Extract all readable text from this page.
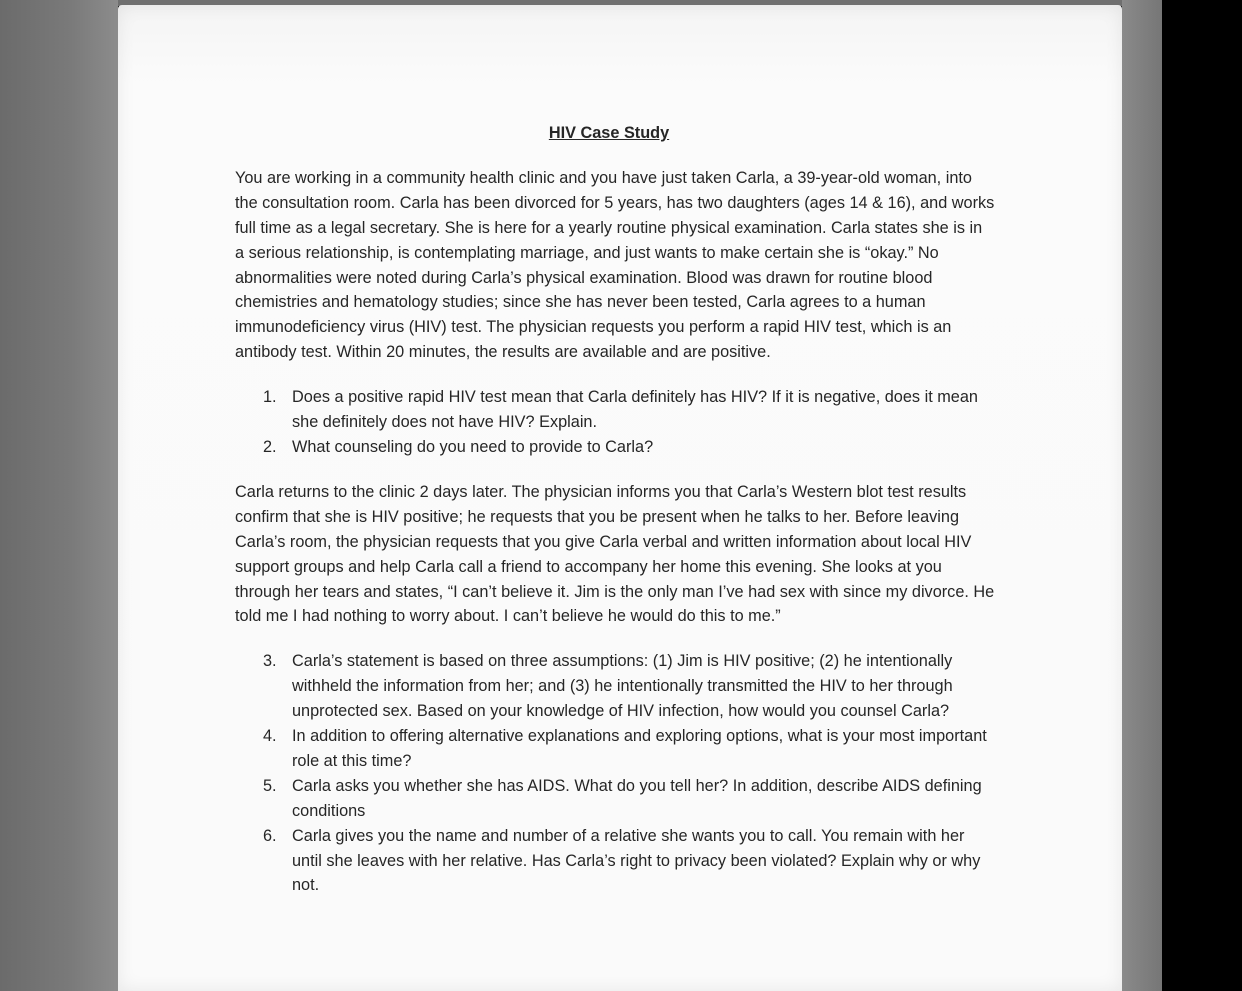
HIV Case Study

You are working in a community health clinic and you have just taken Carla, a 39-year-old woman, into the consultation room. Carla has been divorced for 5 years, has two daughters (ages 14 & 16), and works full time as a legal secretary. She is here for a yearly routine physical examination. Carla states she is in a serious relationship, is contemplating marriage, and just wants to make certain she is “okay.” No abnormalities were noted during Carla’s physical examination. Blood was drawn for routine blood chemistries and hematology studies; since she has never been tested, Carla agrees to a human immunodeficiency virus (HIV) test. The physician requests you perform a rapid HIV test, which is an antibody test. Within 20 minutes, the results are available and are positive.

1. Does a positive rapid HIV test mean that Carla definitely has HIV? If it is negative, does it mean she definitely does not have HIV? Explain.
2. What counseling do you need to provide to Carla?

Carla returns to the clinic 2 days later. The physician informs you that Carla’s Western blot test results confirm that she is HIV positive; he requests that you be present when he talks to her. Before leaving Carla’s room, the physician requests that you give Carla verbal and written information about local HIV support groups and help Carla call a friend to accompany her home this evening. She looks at you through her tears and states, “I can’t believe it. Jim is the only man I’ve had sex with since my divorce. He told me I had nothing to worry about. I can’t believe he would do this to me.”

3. Carla’s statement is based on three assumptions: (1) Jim is HIV positive; (2) he intentionally withheld the information from her; and (3) he intentionally transmitted the HIV to her through unprotected sex. Based on your knowledge of HIV infection, how would you counsel Carla?
4. In addition to offering alternative explanations and exploring options, what is your most important role at this time?
5. Carla asks you whether she has AIDS. What do you tell her? In addition, describe AIDS defining conditions
6. Carla gives you the name and number of a relative she wants you to call. You remain with her until she leaves with her relative. Has Carla’s right to privacy been violated? Explain why or why not.
